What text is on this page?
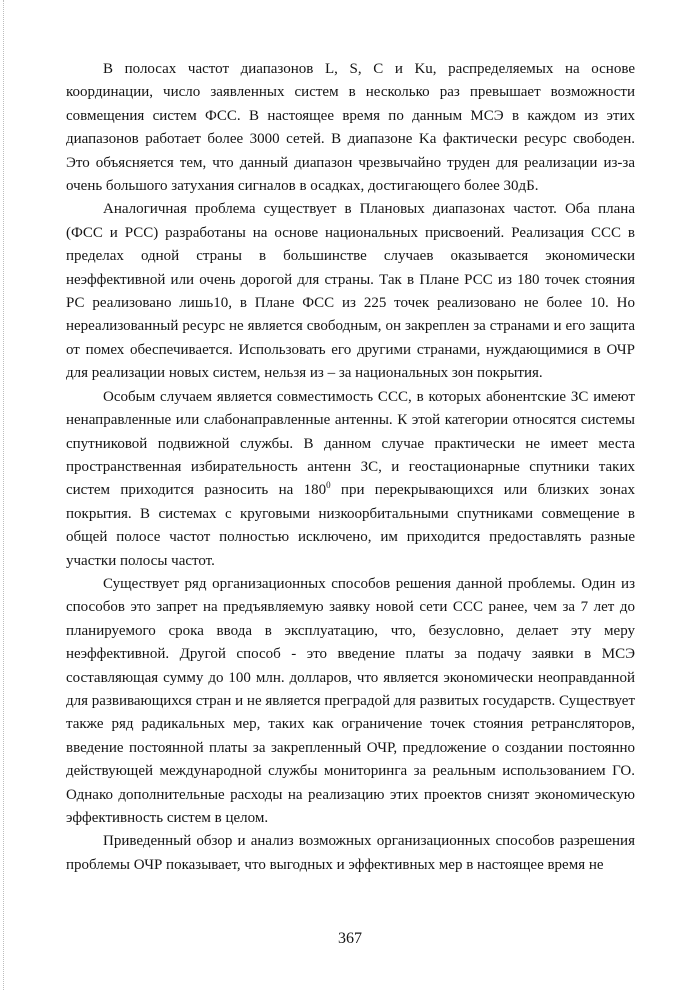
В полосах частот диапазонов L, S, C и Ku, распределяемых на основе координации, число заявленных систем в несколько раз превышает возможности совмещения систем ФСС. В настоящее время по данным МСЭ в каждом из этих диапазонов работает более 3000 сетей. В диапазоне Ka фактически ресурс свободен. Это объясняется тем, что данный диапазон чрезвычайно труден для реализации из-за очень большого затухания сигналов в осадках, достигающего более 30дБ.

Аналогичная проблема существует в Плановых диапазонах частот. Оба плана (ФСС и РСС) разработаны на основе национальных присвоений. Реализация ССС в пределах одной страны в большинстве случаев оказывается экономически неэффективной или очень дорогой для страны. Так в Плане РСС из 180 точек стояния РС реализовано лишь10, в Плане ФСС из 225 точек реализовано не более 10. Но нереализованный ресурс не является свободным, он закреплен за странами и его защита от помех обеспечивается. Использовать его другими странами, нуждающимися в ОЧР для реализации новых систем, нельзя из – за национальных зон покрытия.

Особым случаем является совместимость ССС, в которых абонентские ЗС имеют ненаправленные или слабонаправленные антенны. К этой категории относятся системы спутниковой подвижной службы. В данном случае практически не имеет места пространственная избирательность антенн ЗС, и геостационарные спутники таких систем приходится разносить на $180^0$ при перекрывающихся или близких зонах покрытия. В системах с круговыми низкоорбитальными спутниками совмещение в общей полосе частот полностью исключено, им приходится предоставлять разные участки полосы частот.

Существует ряд организационных способов решения данной проблемы. Один из способов это запрет на предъявляемую заявку новой сети ССС ранее, чем за 7 лет до планируемого срока ввода в эксплуатацию, что, безусловно, делает эту меру неэффективной. Другой способ - это введение платы за подачу заявки в МСЭ составляющая сумму до 100 млн. долларов, что является экономически неоправданной для развивающихся стран и не является преградой для развитых государств. Существует также ряд радикальных мер, таких как ограничение точек стояния ретрансляторов, введение постоянной платы за закрепленный ОЧР, предложение о создании постоянно действующей международной службы мониторинга за реальным использованием ГО. Однако дополнительные расходы на реализацию этих проектов снизят экономическую эффективность систем в целом.

Приведенный обзор и анализ возможных организационных способов разрешения проблемы ОЧР показывает, что выгодных и эффективных мер в настоящее время не

367
